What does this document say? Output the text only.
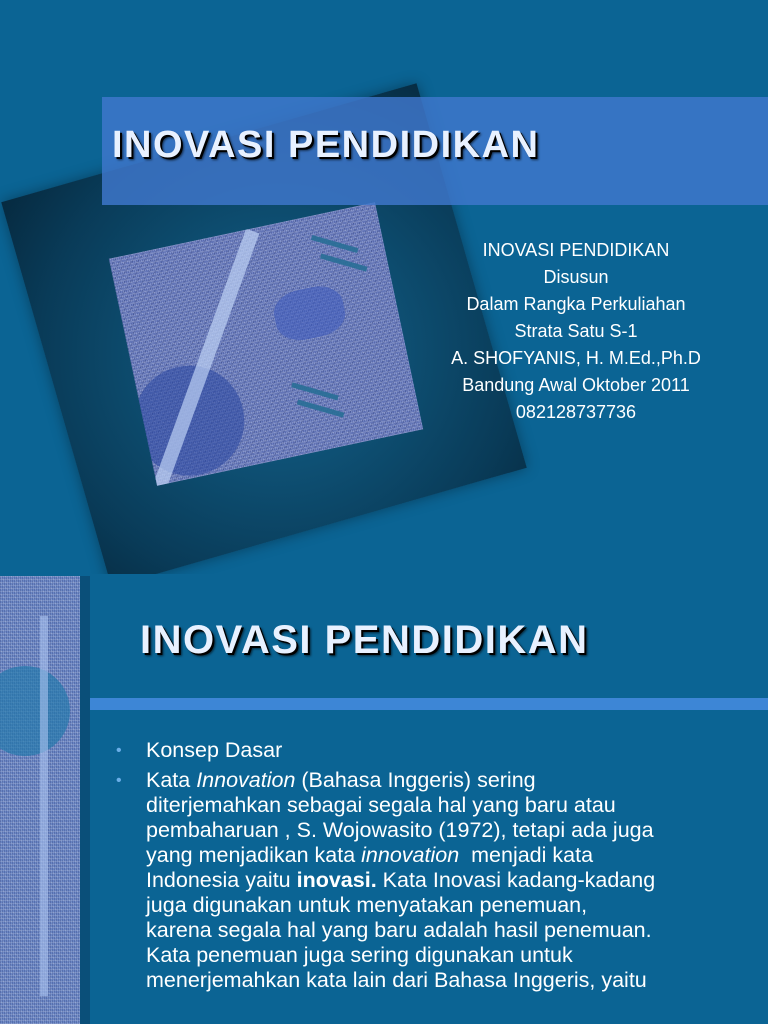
INOVASI PENDIDIKAN
INOVASI PENDIDIKAN
Disusun
Dalam Rangka Perkuliahan
Strata Satu S-1
A. SHOFYANIS, H. M.Ed.,Ph.D
Bandung Awal Oktober 2011
082128737736
INOVASI PENDIDIKAN
• Konsep Dasar
• Kata Innovation (Bahasa Inggeris) sering
diterjemahkan sebagai segala hal yang baru atau
pembaharuan , S. Wojowasito (1972), tetapi ada juga
yang menjadikan kata innovation  menjadi kata
Indonesia yaitu inovasi. Kata Inovasi kadang-kadang
juga digunakan untuk menyatakan penemuan,
karena segala hal yang baru adalah hasil penemuan.
Kata penemuan juga sering digunakan untuk
menerjemahkan kata lain dari Bahasa Inggeris, yaitu
